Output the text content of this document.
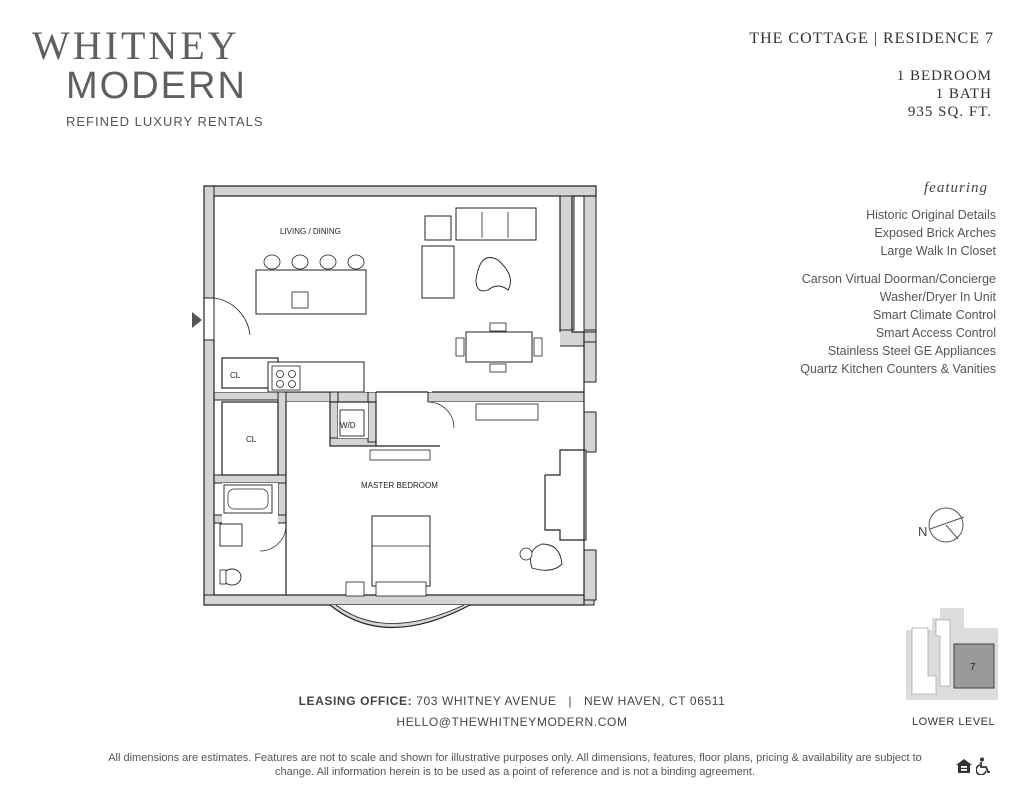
WHITNEY
MODERN
REFINED LUXURY RENTALS
THE COTTAGE | RESIDENCE 7
1 BEDROOM
1 BATH
935 SQ. FT.
featuring
Historic Original Details
Exposed Brick Arches
Large Walk In Closet
Carson Virtual Doorman/Concierge
Washer/Dryer In Unit
Smart Climate Control
Smart Access Control
Stainless Steel GE Appliances
Quartz Kitchen Counters & Vanities
LIVING / DINING
MASTER BEDROOM
CL
CL
W/D
N
7
LOWER LEVEL
LEASING OFFICE: 703 WHITNEY AVENUE | NEW HAVEN, CT 06511
HELLO@THEWHITNEYMODERN.COM
All dimensions are estimates. Features are not to scale and shown for illustrative purposes only. All dimensions, features, floor plans, pricing & availability are subject to change. All information herein is to be used as a point of reference and is not a binding agreement.
